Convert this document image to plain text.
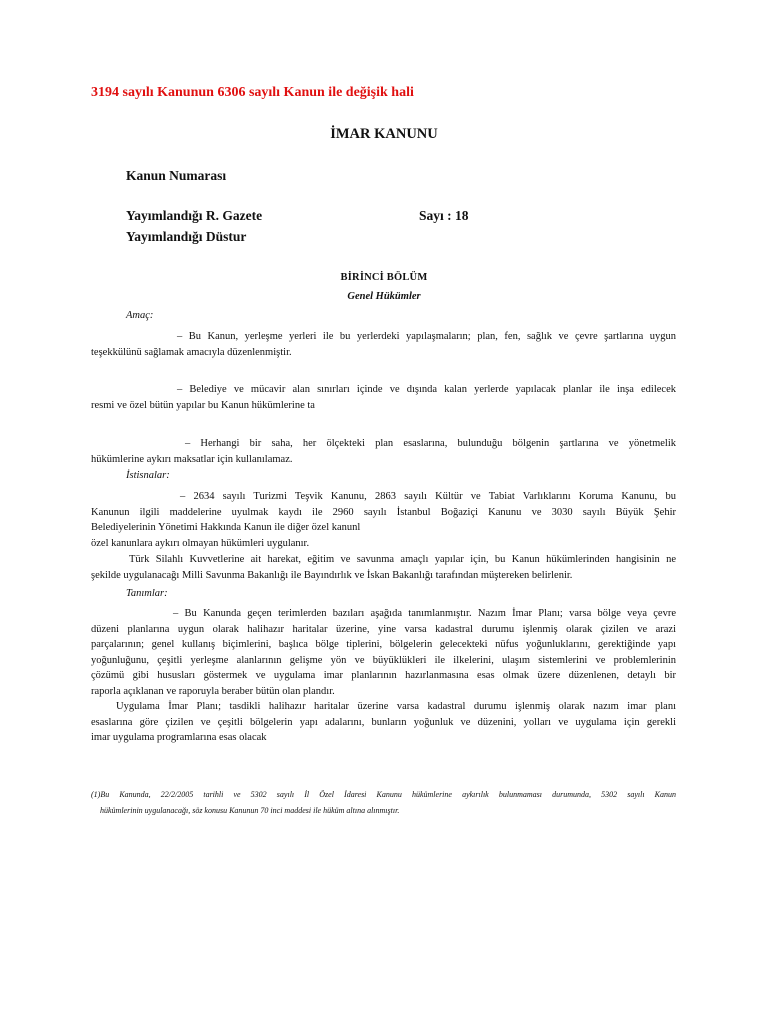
3194 sayılı Kanunun 6306 sayılı Kanun ile değişik hali
İMAR KANUNU
Kanun Numarası
Yayımlandığı R. Gazete	Sayı : 18
Yayımlandığı Düstur
BİRİNCİ BÖLÜM
Genel Hükümler
Amaç:
– Bu Kanun, yerleşme yerleri ile bu yerlerdeki yapılaşmaların; plan, fen, sağlık ve çevre şartlarına uygun
teşekkülünü sağlamak amacıyla düzenlenmiştir.
– Belediye ve mücavir alan sınırları içinde ve dışında kalan yerlerde yapılacak planlar ile inşa edilecek
resmi ve özel bütün yapılar bu Kanun hükümlerine ta
– Herhangi bir saha, her ölçekteki plan esaslarına, bulunduğu bölgenin şartlarına ve yönetmelik
hükümlerine aykırı maksatlar için kullanılamaz.
İstisnalar:
– 2634 sayılı Turizmi Teşvik Kanunu, 2863 sayılı Kültür ve Tabiat Varlıklarını Koruma Kanunu, bu
Kanunun ilgili maddelerine uyulmak kaydı ile 2960 sayılı İstanbul Boğaziçi Kanunu ve 3030 sayılı Büyük Şehir
Belediyelerinin Yönetimi Hakkında Kanun ile diğer özel kanunl
özel kanunlara aykırı olmayan hükümleri uygulanır.
Türk Silahlı Kuvvetlerine ait harekat, eğitim ve savunma amaçlı yapılar için, bu Kanun hükümlerinden hangisinin ne
şekilde uygulanacağı Milli Savunma Bakanlığı ile Bayındırlık ve İskan Bakanlığı tarafından müştereken belirlenir.
Tanımlar:
– Bu Kanunda geçen terimlerden bazıları aşağıda tanımlanmıştır. Nazım İmar Planı; varsa bölge veya çevre
düzeni planlarına uygun olarak halihazır haritalar üzerine, yine varsa kadastral durumu işlenmiş olarak çizilen ve arazi
parçalarının; genel kullanış biçimlerini, başlıca bölge tiplerini, bölgelerin gelecekteki nüfus yoğunluklarını, gerektiğinde yapı
yoğunluğunu, çeşitli yerleşme alanlarının gelişme yön ve büyüklükleri ile ilkelerini, ulaşım sistemlerini ve problemlerinin
çözümü gibi hususları göstermek ve uygulama imar planlarının hazırlanmasına esas olmak üzere düzenlenen, detaylı bir
raporla açıklanan ve raporuyla beraber bütün olan plandır.
Uygulama İmar Planı; tasdikli halihazır haritalar üzerine varsa kadastral durumu işlenmiş olarak nazım imar planı
esaslarına göre çizilen ve çeşitli bölgelerin yapı adalarını, bunların yoğunluk ve düzenini, yolları ve uygulama için gerekli
imar uygulama programlarına esas olacak
(1)Bu Kanunda, 22/2/2005 tarihli ve 5302 sayılı İl Özel İdaresi Kanunu hükümlerine aykırılık bulunmaması durumunda, 5302 sayılı Kanun
hükümlerinin uygulanacağı, söz konusu Kanunun 70 inci maddesi ile hüküm altına alınmıştır.
